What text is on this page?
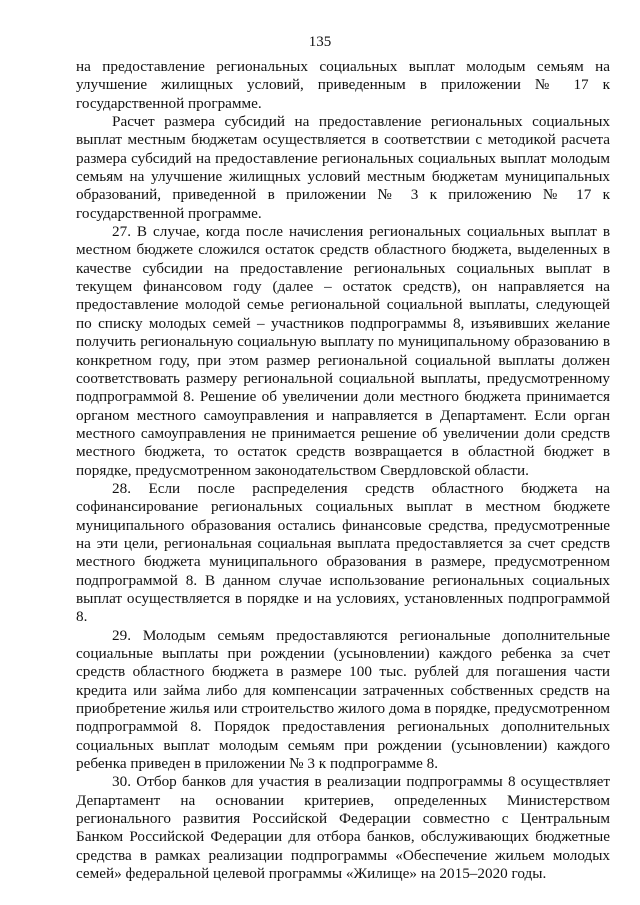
135

на предоставление региональных социальных выплат молодым семьям на улучшение жилищных условий, приведенным в приложении № 17 к государственной программе.

Расчет размера субсидий на предоставление региональных социальных выплат местным бюджетам осуществляется в соответствии с методикой расчета размера субсидий на предоставление региональных социальных выплат молодым семьям на улучшение жилищных условий местным бюджетам муниципальных образований, приведенной в приложении № 3 к приложению № 17 к государственной программе.

27. В случае, когда после начисления региональных социальных выплат в местном бюджете сложился остаток средств областного бюджета, выделенных в качестве субсидии на предоставление региональных социальных выплат в текущем финансовом году (далее – остаток средств), он направляется на предоставление молодой семье региональной социальной выплаты, следующей по списку молодых семей – участников подпрограммы 8, изъявивших желание получить региональную социальную выплату по муниципальному образованию в конкретном году, при этом размер региональной социальной выплаты должен соответствовать размеру региональной социальной выплаты, предусмотренному подпрограммой 8. Решение об увеличении доли местного бюджета принимается органом местного самоуправления и направляется в Департамент. Если орган местного самоуправления не принимается решение об увеличении доли средств местного бюджета, то остаток средств возвращается в областной бюджет в порядке, предусмотренном законодательством Свердловской области.

28. Если после распределения средств областного бюджета на софинансирование региональных социальных выплат в местном бюджете муниципального образования остались финансовые средства, предусмотренные на эти цели, региональная социальная выплата предоставляется за счет средств местного бюджета муниципального образования в размере, предусмотренном подпрограммой 8. В данном случае использование региональных социальных выплат осуществляется в порядке и на условиях, установленных подпрограммой 8.

29. Молодым семьям предоставляются региональные дополнительные социальные выплаты при рождении (усыновлении) каждого ребенка за счет средств областного бюджета в размере 100 тыс. рублей для погашения части кредита или займа либо для компенсации затраченных собственных средств на приобретение жилья или строительство жилого дома в порядке, предусмотренном подпрограммой 8. Порядок предоставления региональных дополнительных социальных выплат молодым семьям при рождении (усыновлении) каждого ребенка приведен в приложении № 3 к подпрограмме 8.

30. Отбор банков для участия в реализации подпрограммы 8 осуществляет Департамент на основании критериев, определенных Министерством регионального развития Российской Федерации совместно с Центральным Банком Российской Федерации для отбора банков, обслуживающих бюджетные средства в рамках реализации подпрограммы «Обеспечение жильем молодых семей» федеральной целевой программы «Жилище» на 2015–2020 годы.
